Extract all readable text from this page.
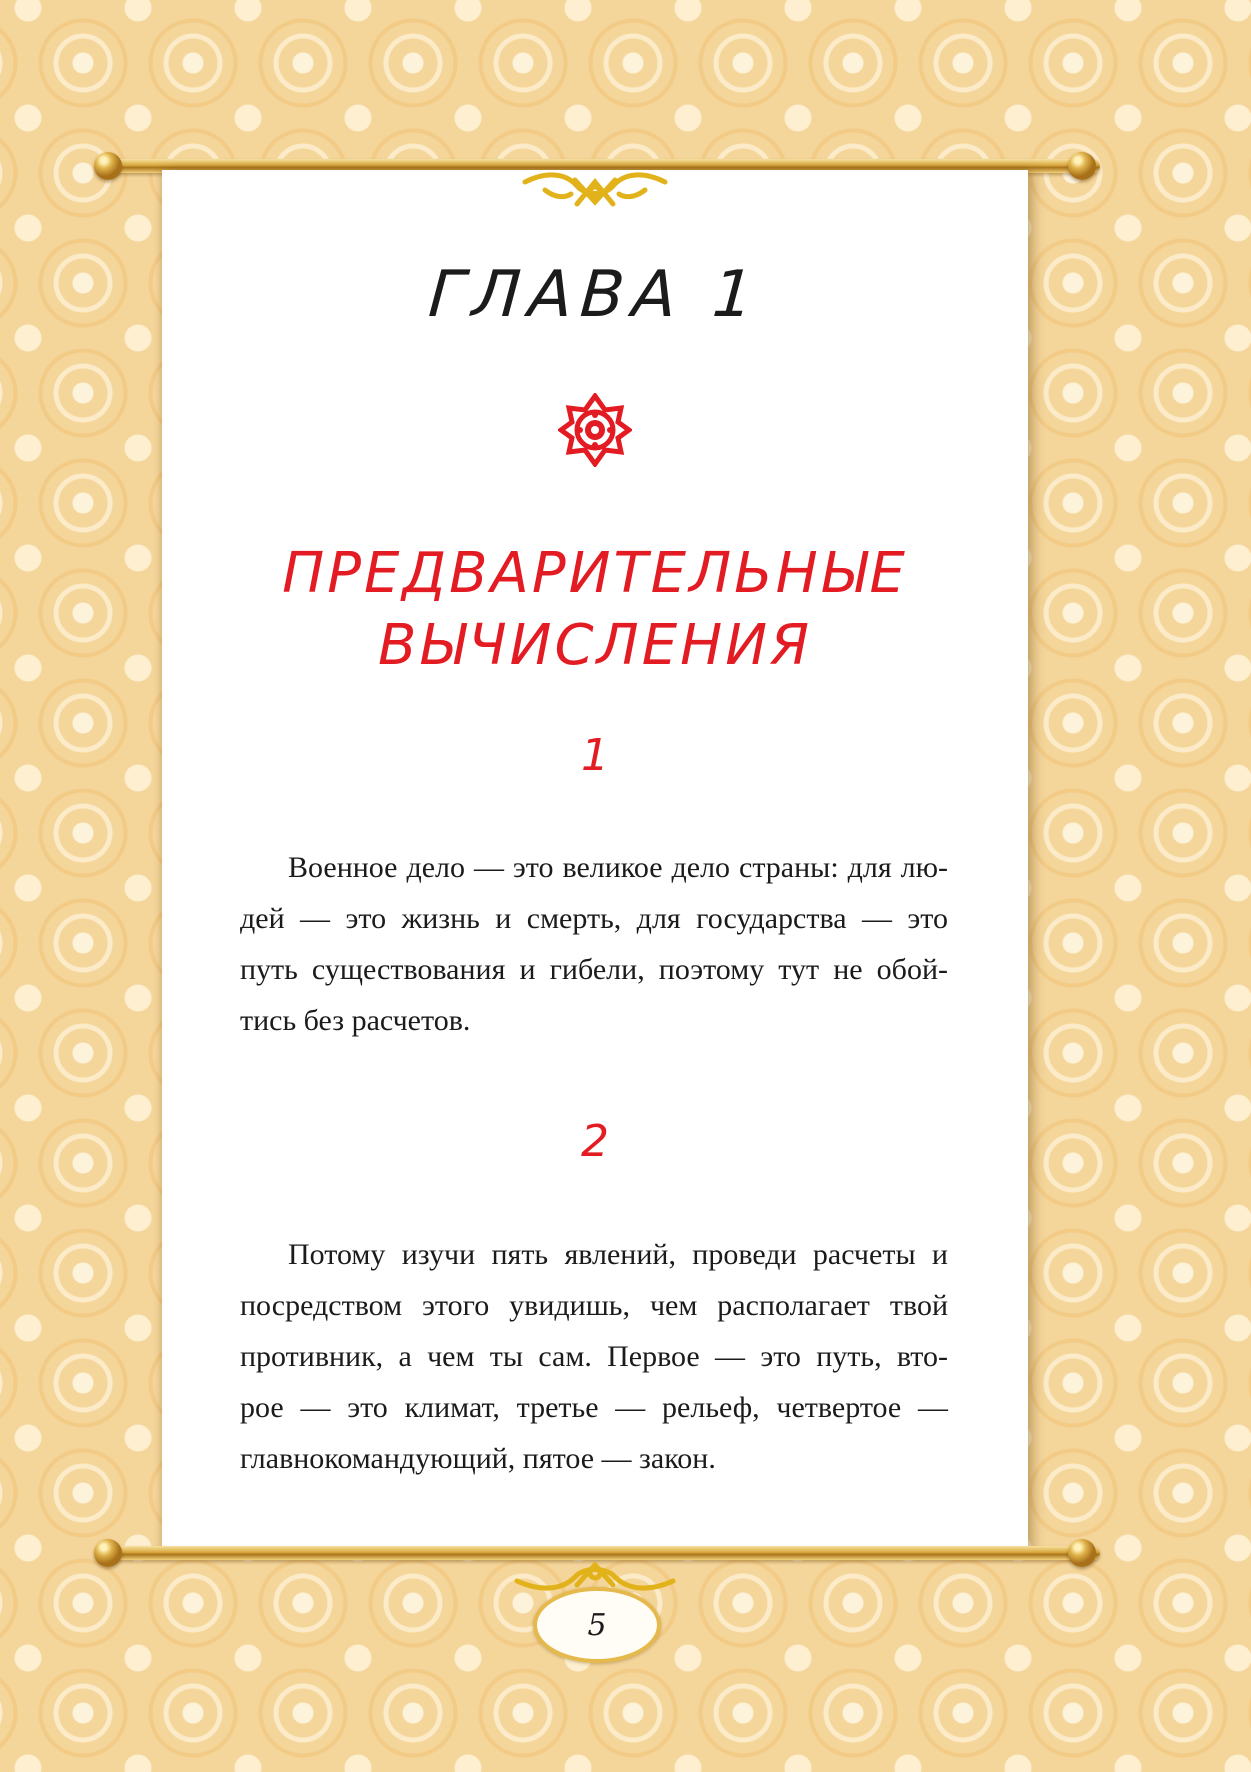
ГЛАВА 1
ПРЕДВАРИТЕЛЬНЫЕ
ВЫЧИСЛЕНИЯ
1
Военное дело — это великое дело страны: для лю-
дей — это жизнь и смерть, для государства — это
путь существования и гибели, поэтому тут не обой-
тись без расчетов.
2
Потому изучи пять явлений, проведи расчеты и
посредством этого увидишь, чем располагает твой
противник, а чем ты сам. Первое — это путь, вто-
рое — это климат, третье — рельеф, четвертое —
главнокомандующий, пятое — закон.
5
